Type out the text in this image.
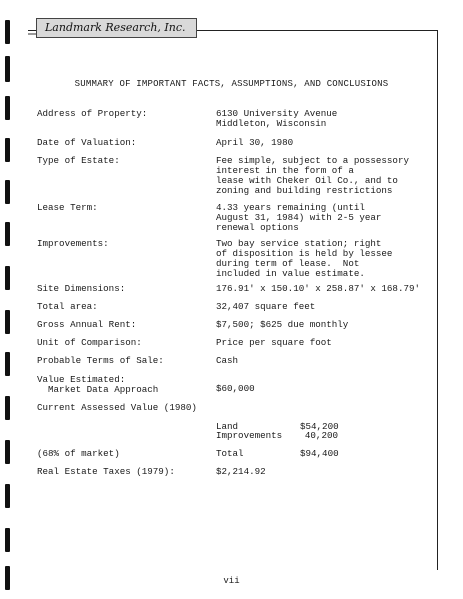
Landmark Research, Inc.
SUMMARY OF IMPORTANT FACTS, ASSUMPTIONS, AND CONCLUSIONS
Address of Property:	6130 University Avenue
Middleton, Wisconsin
Date of Valuation:	April 30, 1980
Type of Estate:	Fee simple, subject to a possessory
interest in the form of a
lease with Cheker Oil Co., and to
zoning and building restrictions
Lease Term:	4.33 years remaining (until
August 31, 1984) with 2-5 year
renewal options
Improvements:	Two bay service station; right
of disposition is held by lessee
during term of lease.  Not
included in value estimate.
Site Dimensions:	176.91' x 150.10' x 258.87' x 168.79'
Total area:	32,407 square feet
Gross Annual Rent:	$7,500; $625 due monthly
Unit of Comparison:	Price per square foot
Probable Terms of Sale:	Cash
Value Estimated:
Market Data Approach	$60,000
Current Assessed Value (1980)
Land	$54,200
Improvements	40,200
(68% of market)	Total	$94,400
Real Estate Taxes (1979):	$2,214.92
vii
